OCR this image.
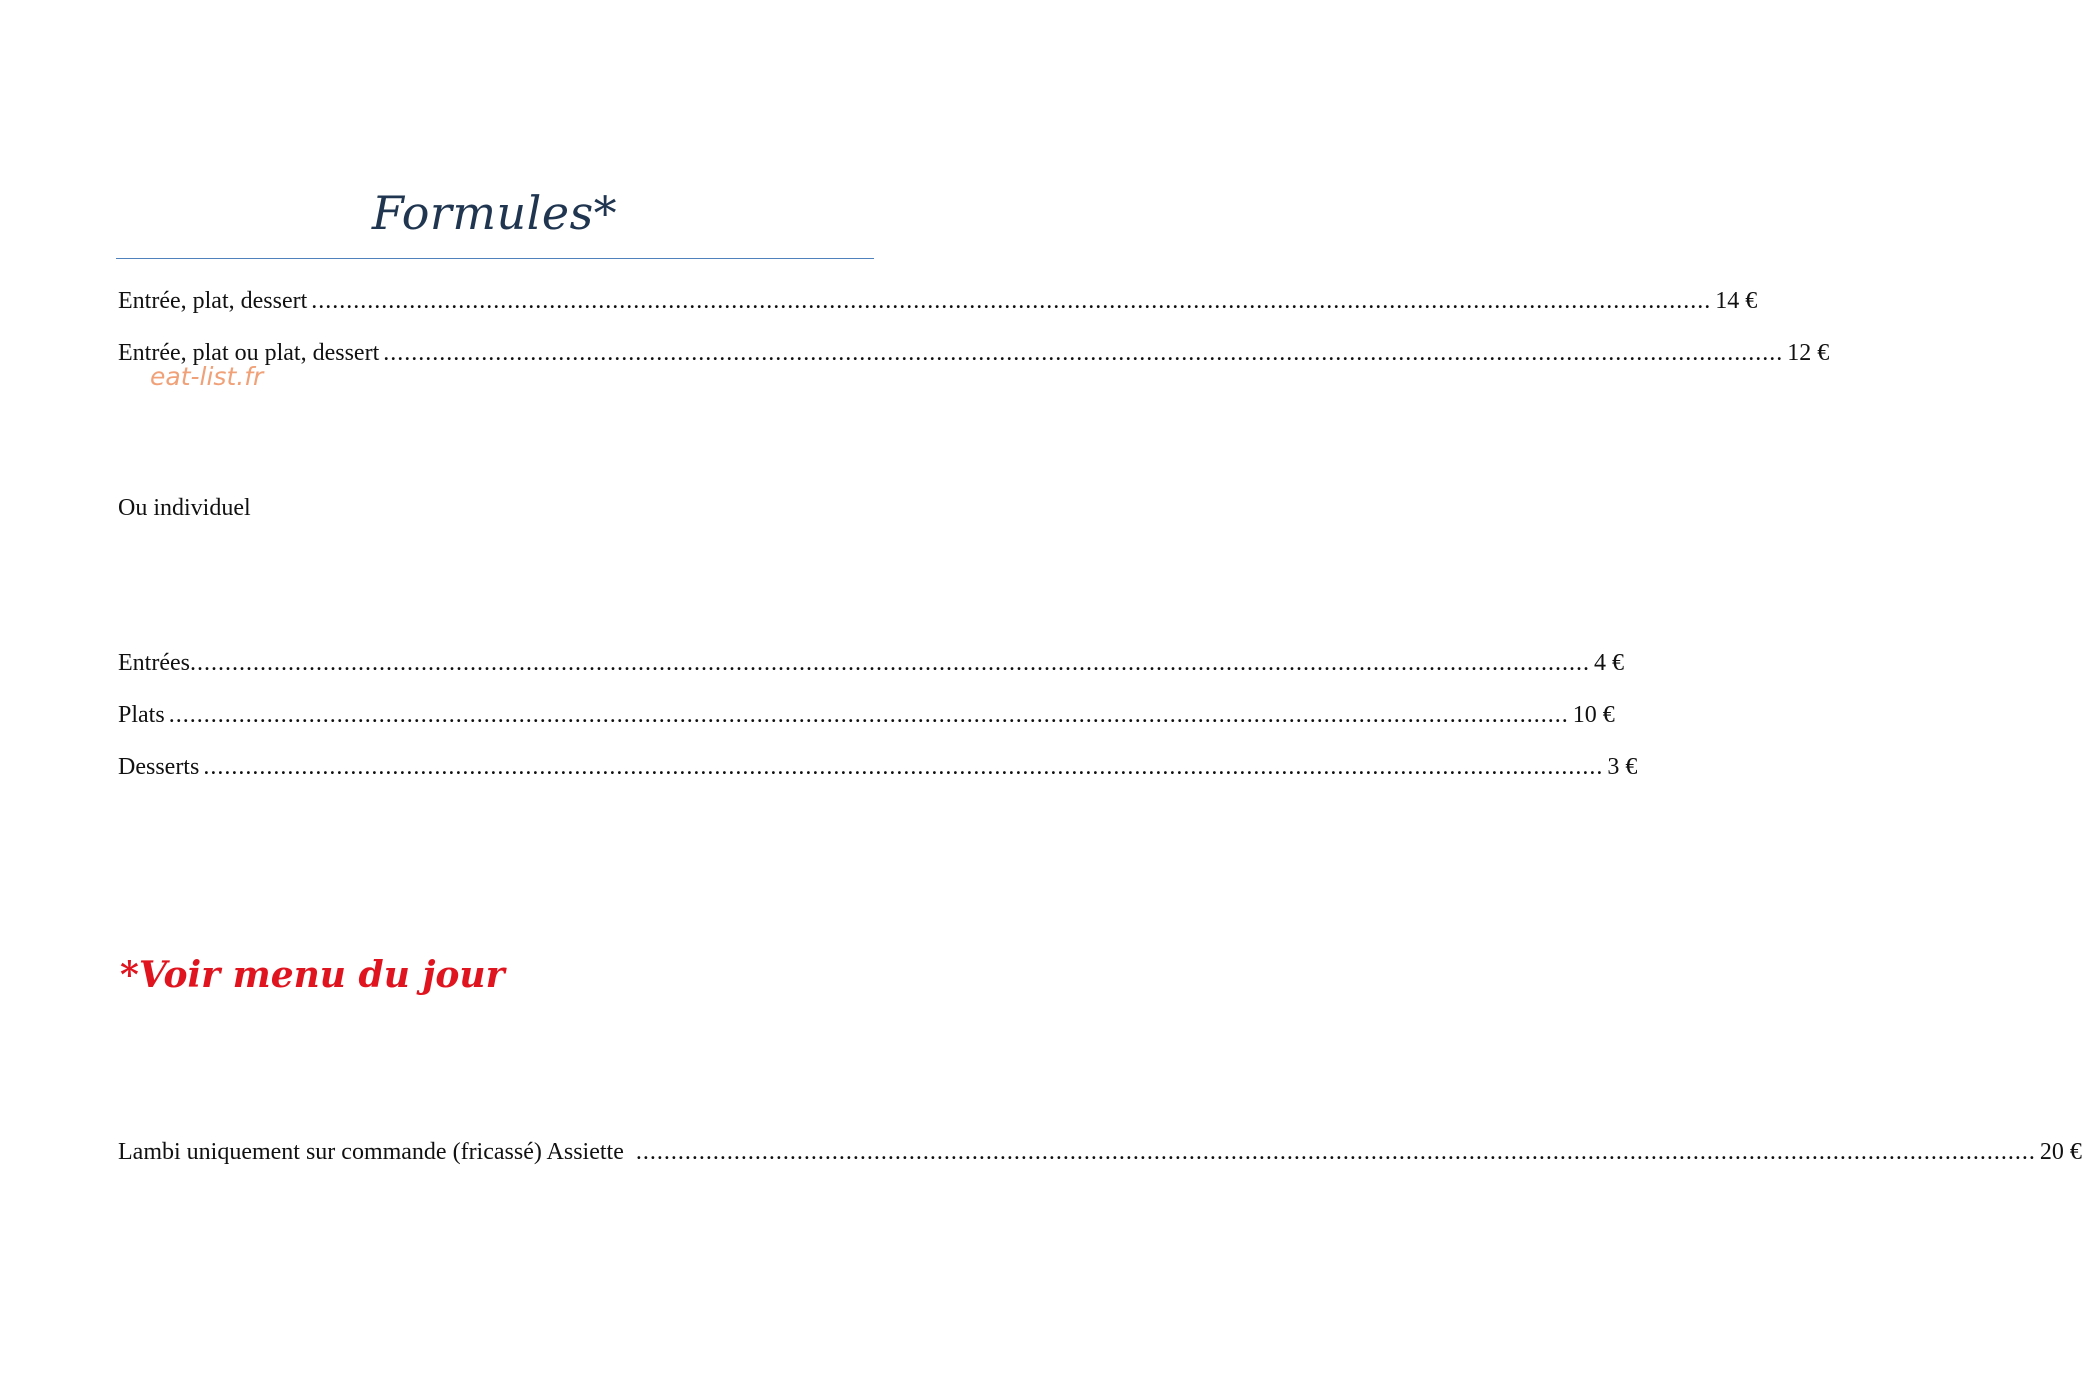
Formules*
Entrée, plat, dessert ........................................................................................................................................................................................................ 14 €
Entrée, plat ou plat, dessert ........................................................................................................................................................................................................ 12 €
eat-list.fr
Ou individuel
Entrées ........................................................................................................................................................................................................ 4 €
Plats ........................................................................................................................................................................................................ 10 €
Desserts ........................................................................................................................................................................................................ 3 €
*Voir menu du jour
Lambi uniquement sur commande (fricassé) Assiette ........................................................................................................................................................................................................ 20 €
